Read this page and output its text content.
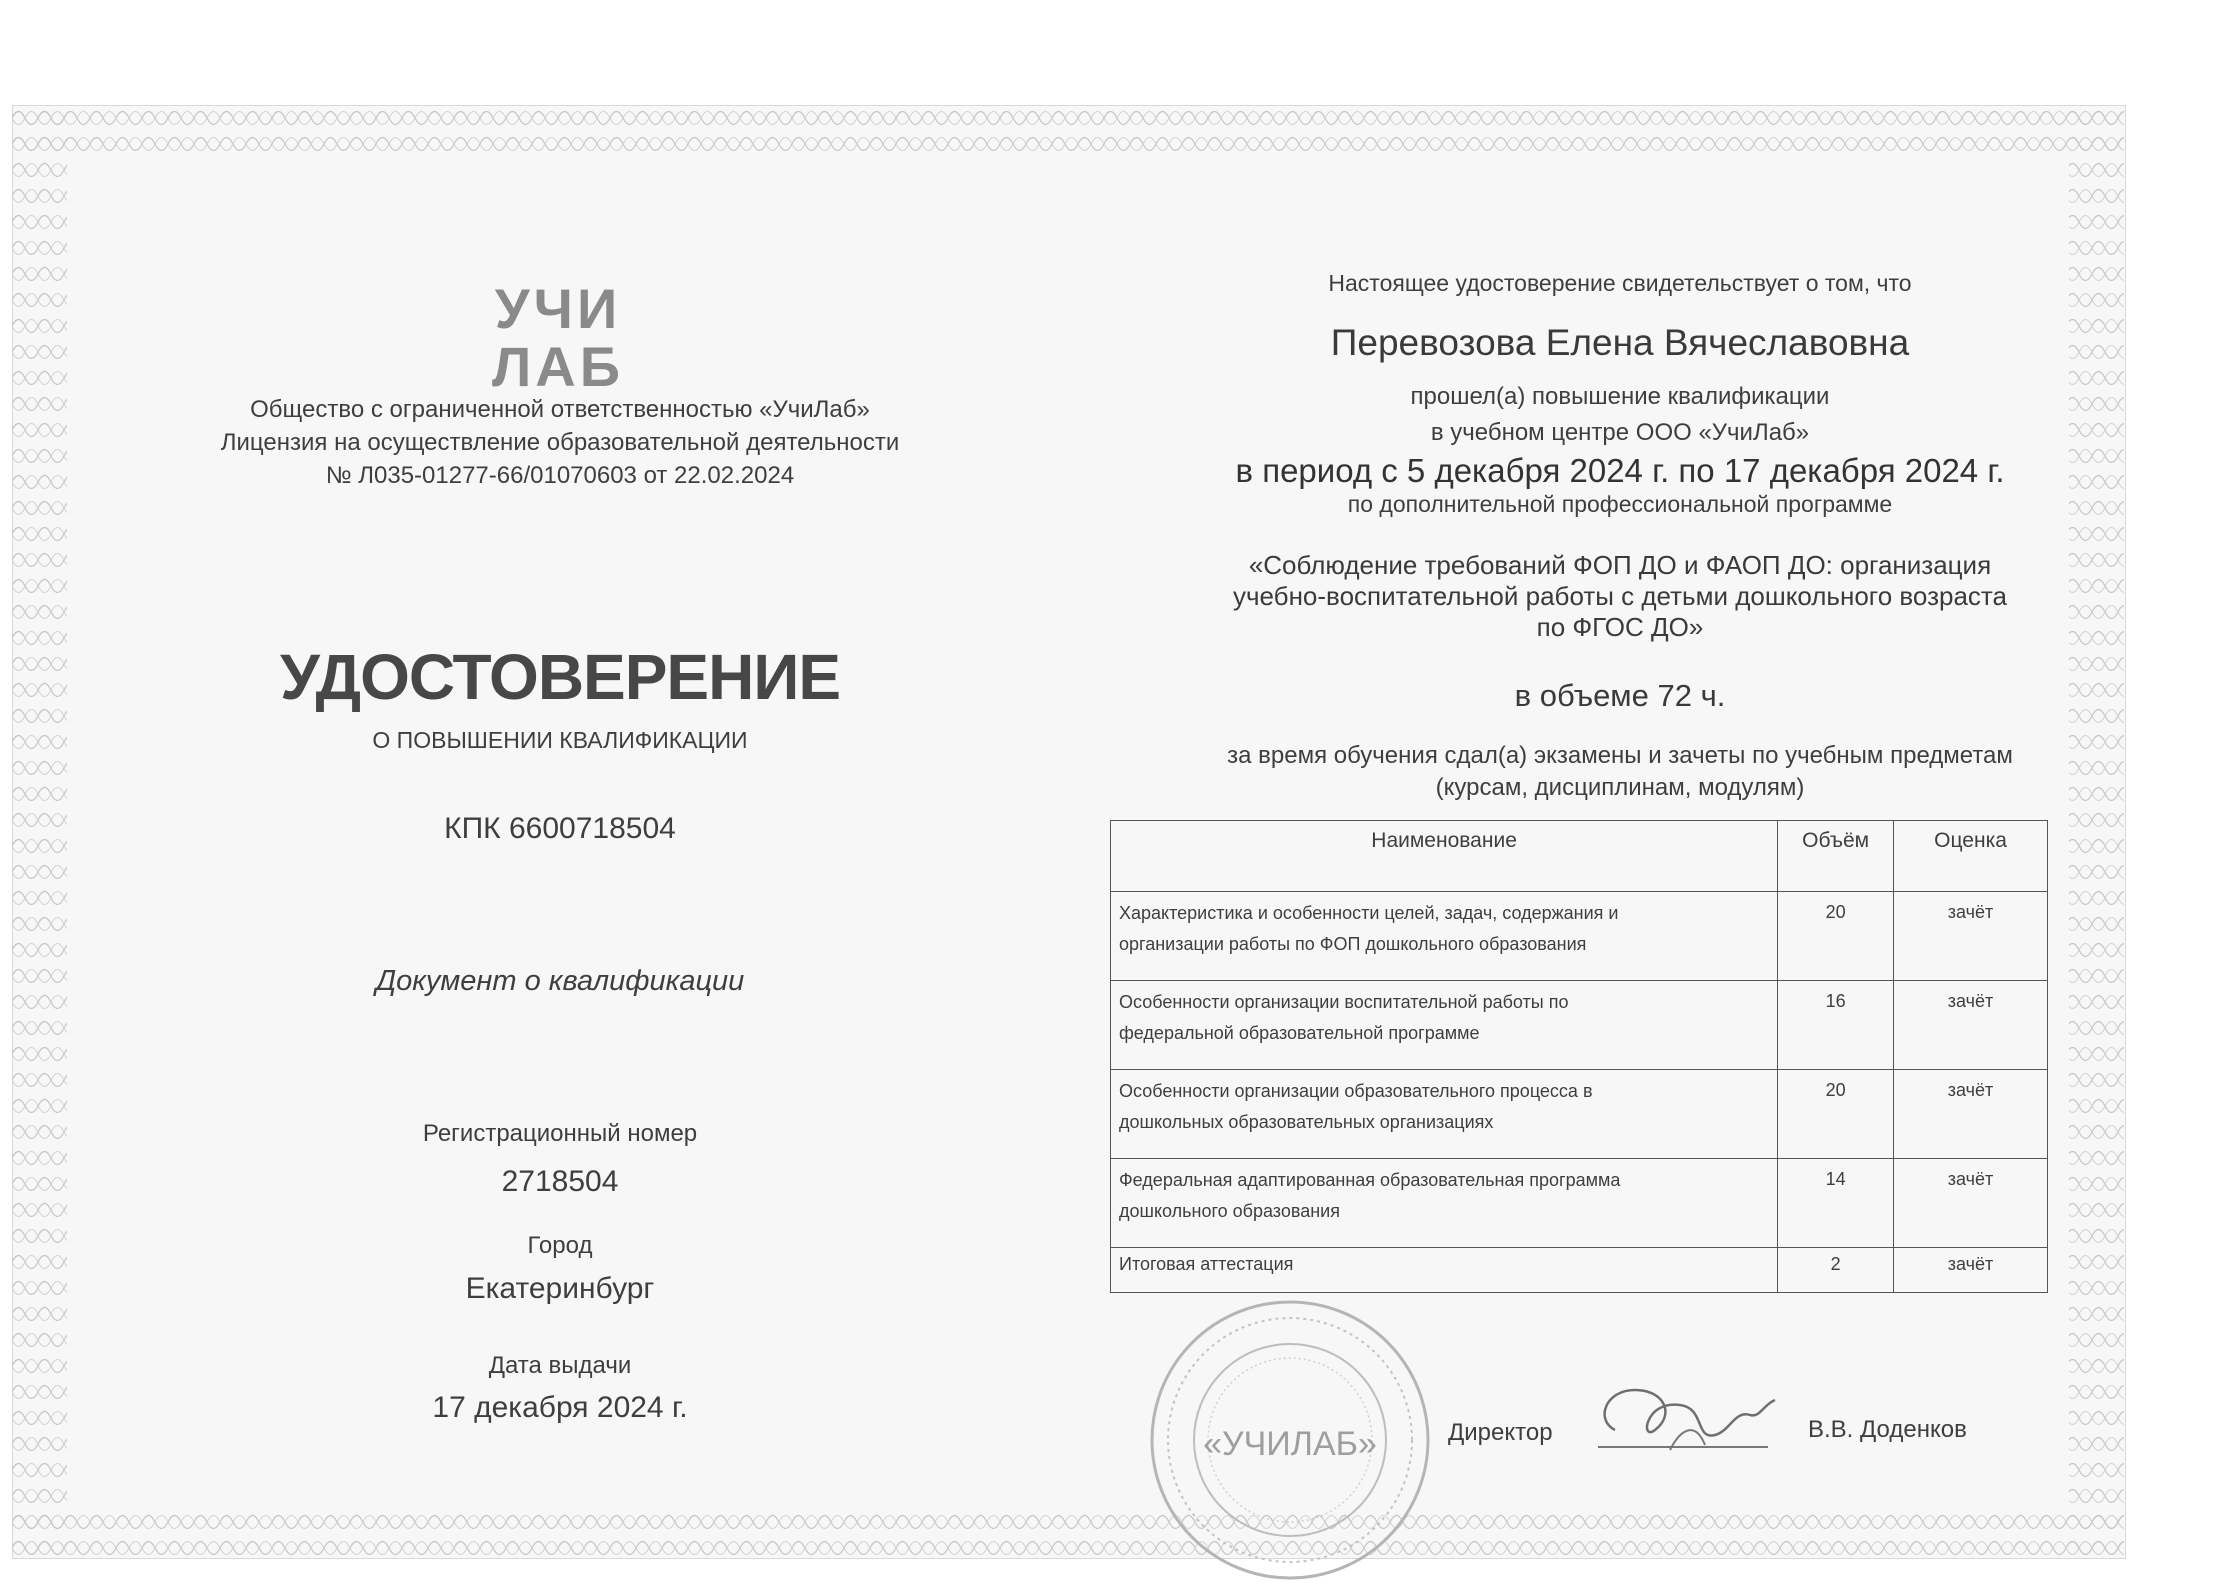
УЧИ
ЛАБ
Общество с ограниченной ответственностью «УчиЛаб»
Лицензия на осуществление образовательной деятельности
№ Л035-01277-66/01070603 от 22.02.2024
УДОСТОВЕРЕНИЕ
О ПОВЫШЕНИИ КВАЛИФИКАЦИИ
КПК 6600718504
Документ о квалификации
Регистрационный номер
2718504
Город
Екатеринбург
Дата выдачи
17 декабря 2024 г.
Настоящее удостоверение свидетельствует о том, что
Перевозова Елена Вячеславовна
прошел(а) повышение квалификации
в учебном центре ООО «УчиЛаб»
в период с 5 декабря 2024 г. по 17 декабря 2024 г.
по дополнительной профессиональной программе
«Соблюдение требований ФОП ДО и ФАОП ДО: организация
учебно-воспитательной работы с детьми дошкольного возраста
по ФГОС ДО»
в объеме 72 ч.
за время обучения сдал(а) экзамены и зачеты по учебным предметам
(курсам, дисциплинам, модулям)
Наименование	Объём	Оценка

Характеристика и особенности целей, задач, содержания и
организации работы по ФОП дошкольного образования	20	зачёт

Особенности организации воспитательной работы по
федеральной образовательной программе	16	зачёт

Особенности организации образовательного процесса в
дошкольных образовательных организациях	20	зачёт

Федеральная адаптированная образовательная программа
дошкольного образования	14	зачёт
Итоговая аттестация	2	зачёт
«УЧИЛАБ»	Директор	В.В. Доденков
